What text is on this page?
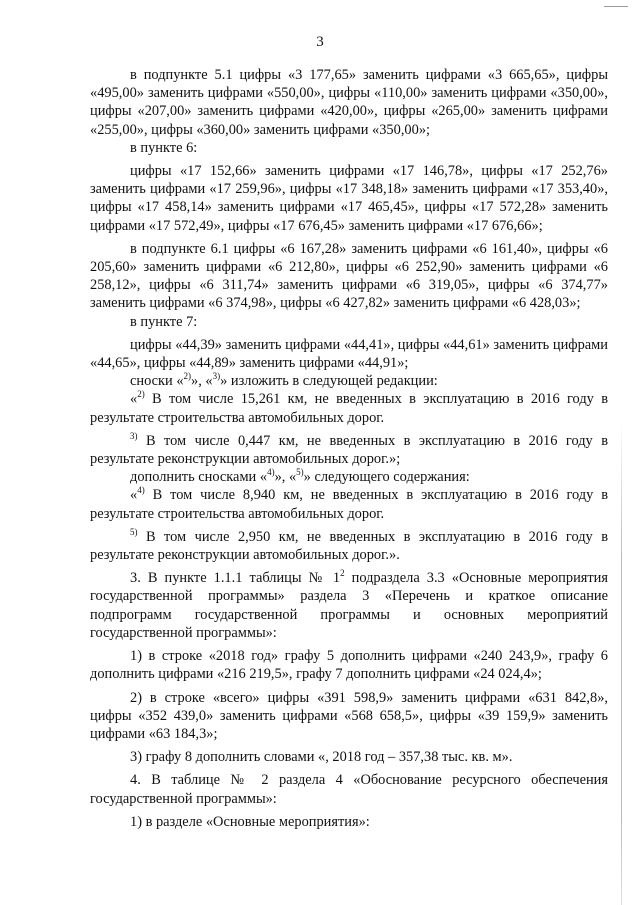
3

в подпункте 5.1 цифры «3 177,65» заменить цифрами «3 665,65», цифры «495,00» заменить цифрами «550,00», цифры «110,00» заменить цифрами «350,00», цифры «207,00» заменить цифрами «420,00», цифры «265,00» заменить цифрами «255,00», цифры «360,00» заменить цифрами «350,00»;

в пункте 6:

цифры «17 152,66» заменить цифрами «17 146,78», цифры «17 252,76» заменить цифрами «17 259,96», цифры «17 348,18» заменить цифрами «17 353,40», цифры «17 458,14» заменить цифрами «17 465,45», цифры «17 572,28» заменить цифрами «17 572,49», цифры «17 676,45» заменить цифрами «17 676,66»;

в подпункте 6.1 цифры «6 167,28» заменить цифрами «6 161,40», цифры «6 205,60» заменить цифрами «6 212,80», цифры «6 252,90» заменить цифрами «6 258,12», цифры «6 311,74» заменить цифрами «6 319,05», цифры «6 374,77» заменить цифрами «6 374,98», цифры «6 427,82» заменить цифрами «6 428,03»;

в пункте 7:

цифры «44,39» заменить цифрами «44,41», цифры «44,61» заменить цифрами «44,65», цифры «44,89» заменить цифрами «44,91»;

сноски «$^{2)}$», «$^{3)}$» изложить в следующей редакции:

«$^{2)}$ В том числе 15,261 км, не введенных в эксплуатацию в 2016 году в результате строительства автомобильных дорог.

$^{3)}$ В том числе 0,447 км, не введенных в эксплуатацию в 2016 году в результате реконструкции автомобильных дорог.»;

дополнить сносками «$^{4)}$», «$^{5)}$» следующего содержания:

«$^{4)}$ В том числе 8,940 км, не введенных в эксплуатацию в 2016 году в результате строительства автомобильных дорог.

$^{5)}$ В том числе 2,950 км, не введенных в эксплуатацию в 2016 году в результате реконструкции автомобильных дорог.».

3. В пункте 1.1.1 таблицы № $1^2$ подраздела 3.3 «Основные мероприятия государственной программы» раздела 3 «Перечень и краткое описание подпрограмм государственной программы и основных мероприятий государственной программы»:

1) в строке «2018 год» графу 5 дополнить цифрами «240 243,9», графу 6 дополнить цифрами «216 219,5», графу 7 дополнить цифрами «24 024,4»;

2) в строке «всего» цифры «391 598,9» заменить цифрами «631 842,8», цифры «352 439,0» заменить цифрами «568 658,5», цифры «39 159,9» заменить цифрами «63 184,3»;

3) графу 8 дополнить словами «, 2018 год – 357,38 тыс. кв. м».

4. В таблице № 2 раздела 4 «Обоснование ресурсного обеспечения государственной программы»:

1) в разделе «Основные мероприятия»:
